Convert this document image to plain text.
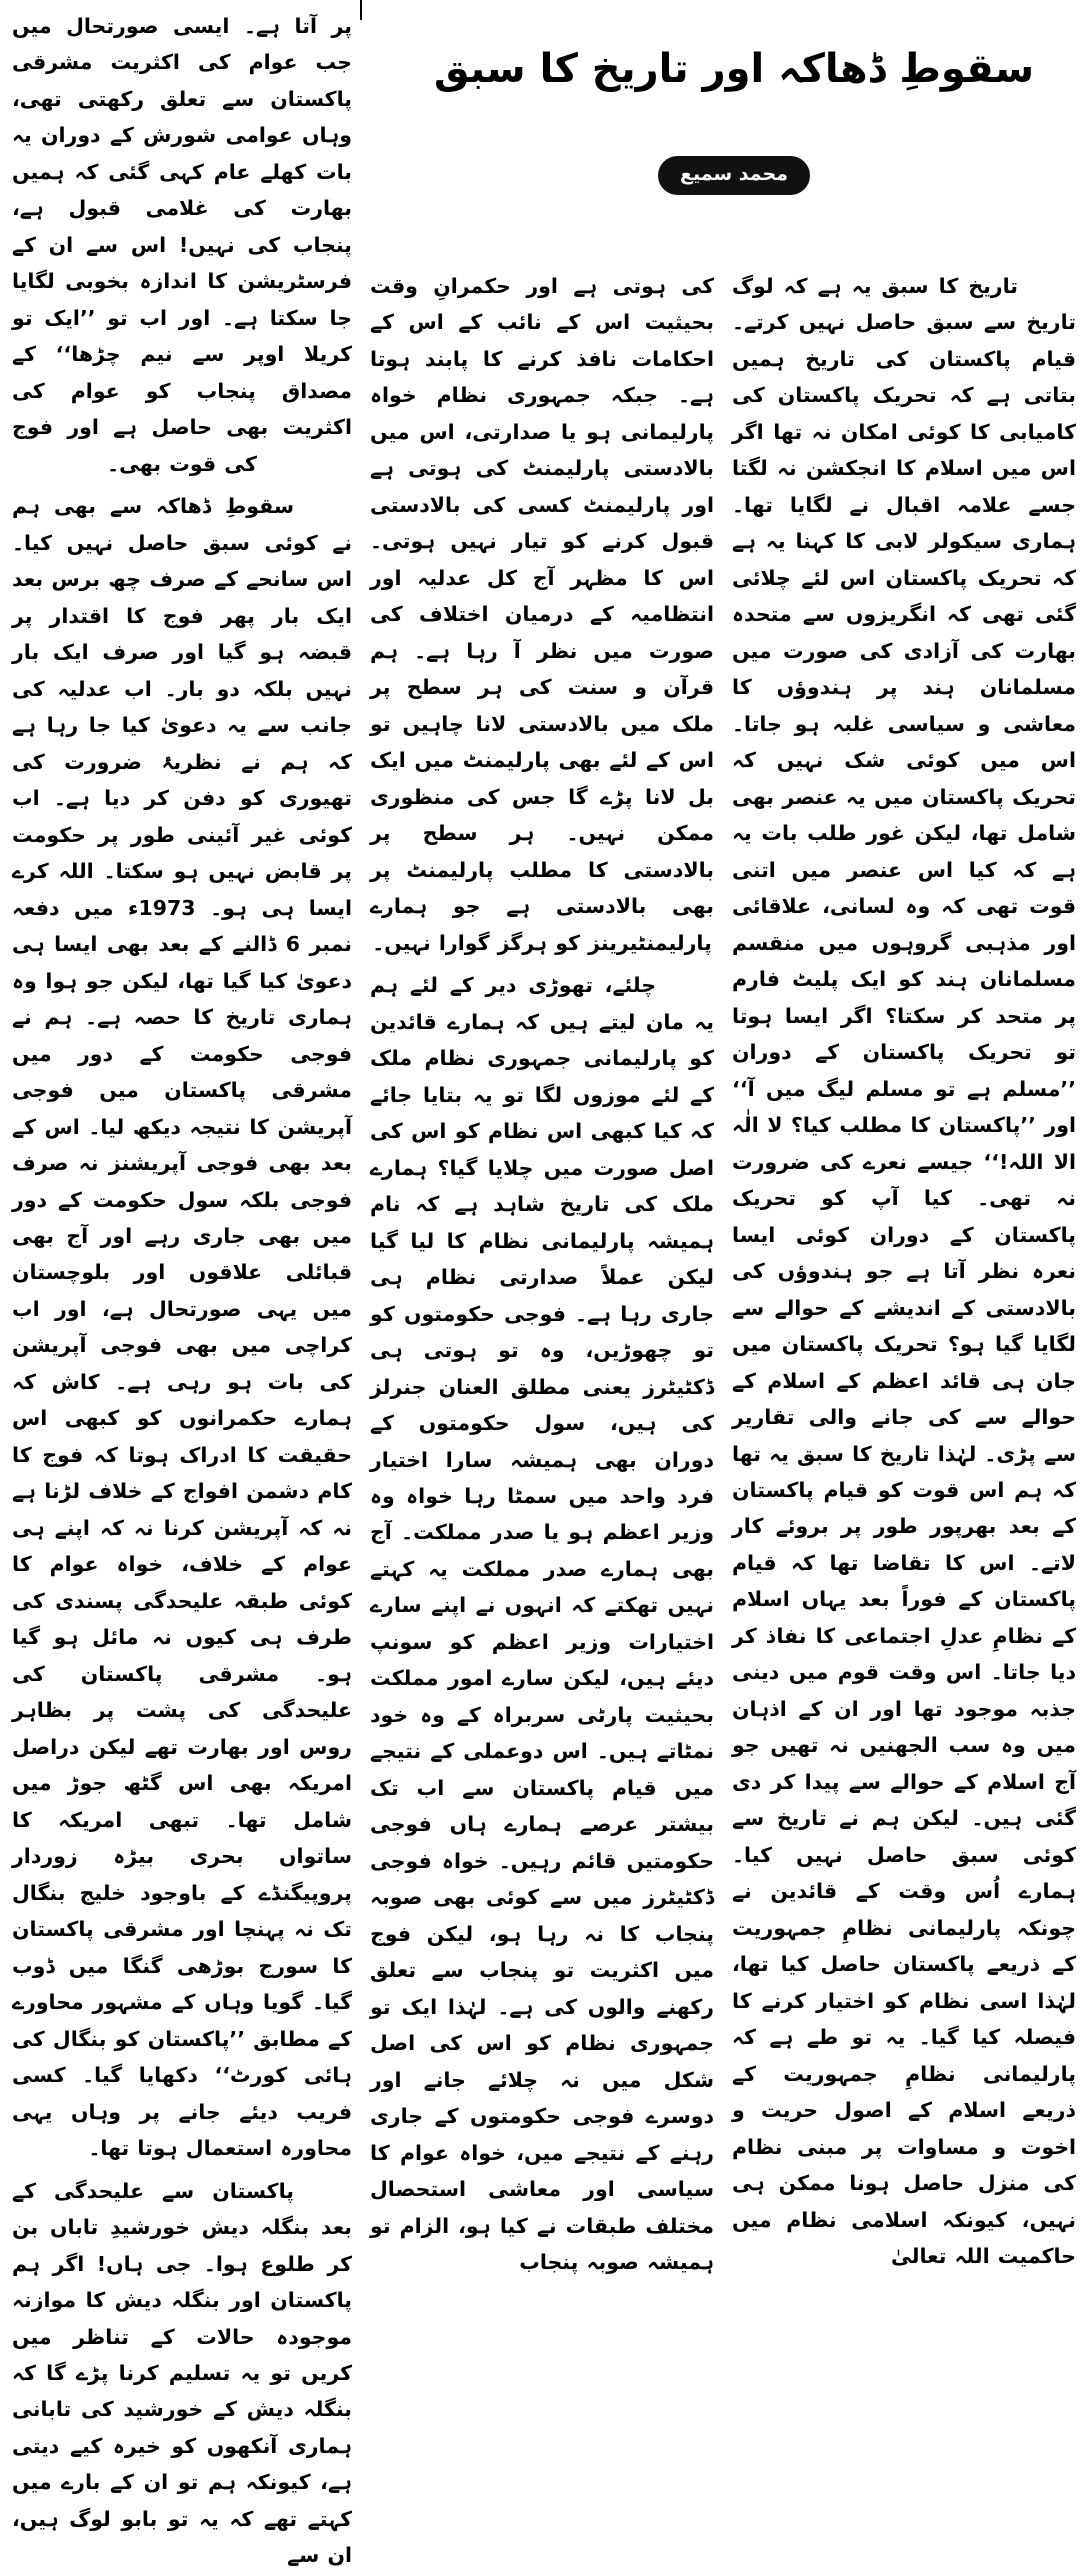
سقوطِ ڈھاکہ اور تاریخ کا سبق
محمد سمیع

تاریخ کا سبق یہ ہے کہ لوگ تاریخ سے سبق حاصل نہیں کرتے۔ قیام پاکستان کی تاریخ ہمیں بتاتی ہے کہ تحریک پاکستان کی کامیابی کا کوئی امکان نہ تھا اگر اس میں اسلام کا انجکشن نہ لگتا جسے علامہ اقبال نے لگایا تھا۔ ہماری سیکولر لابی کا کہنا یہ ہے کہ تحریک پاکستان اس لئے چلائی گئی تھی کہ انگریزوں سے متحدہ بھارت کی آزادی کی صورت میں مسلمانان ہند پر ہندوؤں کا معاشی و سیاسی غلبہ ہو جاتا۔ اس میں کوئی شک نہیں کہ تحریک پاکستان میں یہ عنصر بھی شامل تھا، لیکن غور طلب بات یہ ہے کہ کیا اس عنصر میں اتنی قوت تھی کہ وہ لسانی، علاقائی اور مذہبی گروہوں میں منقسم مسلمانان ہند کو ایک پلیٹ فارم پر متحد کر سکتا؟ اگر ایسا ہوتا تو تحریک پاکستان کے دوران ’’مسلم ہے تو مسلم لیگ میں آ‘‘ اور ’’پاکستان کا مطلب کیا؟ لا الٰہ الا اللہ!‘‘ جیسے نعرے کی ضرورت نہ تھی۔ کیا آپ کو تحریک پاکستان کے دوران کوئی ایسا نعرہ نظر آتا ہے جو ہندوؤں کی بالادستی کے اندیشے کے حوالے سے لگایا گیا ہو؟ تحریک پاکستان میں جان ہی قائد اعظم کے اسلام کے حوالے سے کی جانے والی تقاریر سے پڑی۔ لہٰذا تاریخ کا سبق یہ تھا کہ ہم اس قوت کو قیام پاکستان کے بعد بھرپور طور پر بروئے کار لاتے۔ اس کا تقاضا تھا کہ قیام پاکستان کے فوراً بعد یہاں اسلام کے نظامِ عدلِ اجتماعی کا نفاذ کر دیا جاتا۔ اس وقت قوم میں دینی جذبہ موجود تھا اور ان کے اذہان میں وہ سب الجھنیں نہ تھیں جو آج اسلام کے حوالے سے پیدا کر دی گئی ہیں۔ لیکن ہم نے تاریخ سے کوئی سبق حاصل نہیں کیا۔ ہمارے اُس وقت کے قائدین نے چونکہ پارلیمانی نظامِ جمہوریت کے ذریعے پاکستان حاصل کیا تھا، لہٰذا اسی نظام کو اختیار کرنے کا فیصلہ کیا گیا۔ یہ تو طے ہے کہ پارلیمانی نظامِ جمہوریت کے ذریعے اسلام کے اصول حریت و اخوت و مساوات پر مبنی نظام کی منزل حاصل ہونا ممکن ہی نہیں، کیونکہ اسلامی نظام میں حاکمیت اللہ تعالیٰ

کی ہوتی ہے اور حکمرانِ وقت بحیثیت اس کے نائب کے اس کے احکامات نافذ کرنے کا پابند ہوتا ہے۔ جبکہ جمہوری نظام خواہ پارلیمانی ہو یا صدارتی، اس میں بالادستی پارلیمنٹ کی ہوتی ہے اور پارلیمنٹ کسی کی بالادستی قبول کرنے کو تیار نہیں ہوتی۔ اس کا مظہر آج کل عدلیہ اور انتظامیہ کے درمیان اختلاف کی صورت میں نظر آ رہا ہے۔ ہم قرآن و سنت کی ہر سطح پر ملک میں بالادستی لانا چاہیں تو اس کے لئے بھی پارلیمنٹ میں ایک بل لانا پڑے گا جس کی منظوری ممکن نہیں۔ ہر سطح پر بالادستی کا مطلب پارلیمنٹ پر بھی بالادستی ہے جو ہمارے پارلیمنٹیرینز کو ہرگز گوارا نہیں۔

چلئے، تھوڑی دیر کے لئے ہم یہ مان لیتے ہیں کہ ہمارے قائدین کو پارلیمانی جمہوری نظام ملک کے لئے موزوں لگا تو یہ بتایا جائے کہ کیا کبھی اس نظام کو اس کی اصل صورت میں چلایا گیا؟ ہمارے ملک کی تاریخ شاہد ہے کہ نام ہمیشہ پارلیمانی نظام کا لیا گیا لیکن عملاً صدارتی نظام ہی جاری رہا ہے۔ فوجی حکومتوں کو تو چھوڑیں، وہ تو ہوتی ہی ڈکٹیٹرز یعنی مطلق العنان جنرلز کی ہیں، سول حکومتوں کے دوران بھی ہمیشہ سارا اختیار فرد واحد میں سمٹا رہا خواہ وہ وزیر اعظم ہو یا صدر مملکت۔ آج بھی ہمارے صدر مملکت یہ کہتے نہیں تھکتے کہ انہوں نے اپنے سارے اختیارات وزیر اعظم کو سونپ دیئے ہیں، لیکن سارے امور مملکت بحیثیت پارٹی سربراہ کے وہ خود نمٹاتے ہیں۔ اس دوعملی کے نتیجے میں قیام پاکستان سے اب تک بیشتر عرصے ہمارے ہاں فوجی حکومتیں قائم رہیں۔ خواہ فوجی ڈکٹیٹرز میں سے کوئی بھی صوبہ پنجاب کا نہ رہا ہو، لیکن فوج میں اکثریت تو پنجاب سے تعلق رکھنے والوں کی ہے۔ لہٰذا ایک تو جمہوری نظام کو اس کی اصل شکل میں نہ چلائے جانے اور دوسرے فوجی حکومتوں کے جاری رہنے کے نتیجے میں، خواہ عوام کا سیاسی اور معاشی استحصال مختلف طبقات نے کیا ہو، الزام تو ہمیشہ صوبہ پنجاب

پر آتا ہے۔ ایسی صورتحال میں جب عوام کی اکثریت مشرقی پاکستان سے تعلق رکھتی تھی، وہاں عوامی شورش کے دوران یہ بات کھلے عام کہی گئی کہ ہمیں بھارت کی غلامی قبول ہے، پنجاب کی نہیں! اس سے ان کے فرسٹریشن کا اندازہ بخوبی لگایا جا سکتا ہے۔ اور اب تو ’’ایک تو کریلا اوپر سے نیم چڑھا‘‘ کے مصداق پنجاب کو عوام کی اکثریت بھی حاصل ہے اور فوج کی قوت بھی۔

سقوطِ ڈھاکہ سے بھی ہم نے کوئی سبق حاصل نہیں کیا۔ اس سانحے کے صرف چھ برس بعد ایک بار پھر فوج کا اقتدار پر قبضہ ہو گیا اور صرف ایک بار نہیں بلکہ دو بار۔ اب عدلیہ کی جانب سے یہ دعویٰ کیا جا رہا ہے کہ ہم نے نظریۂ ضرورت کی تھیوری کو دفن کر دیا ہے۔ اب کوئی غیر آئینی طور پر حکومت پر قابض نہیں ہو سکتا۔ اللہ کرے ایسا ہی ہو۔ 1973ء میں دفعہ نمبر 6 ڈالنے کے بعد بھی ایسا ہی دعویٰ کیا گیا تھا، لیکن جو ہوا وہ ہماری تاریخ کا حصہ ہے۔ ہم نے فوجی حکومت کے دور میں مشرقی پاکستان میں فوجی آپریشن کا نتیجہ دیکھ لیا۔ اس کے بعد بھی فوجی آپریشنز نہ صرف فوجی بلکہ سول حکومت کے دور میں بھی جاری رہے اور آج بھی قبائلی علاقوں اور بلوچستان میں یہی صورتحال ہے، اور اب کراچی میں بھی فوجی آپریشن کی بات ہو رہی ہے۔ کاش کہ ہمارے حکمرانوں کو کبھی اس حقیقت کا ادراک ہوتا کہ فوج کا کام دشمن افواج کے خلاف لڑنا ہے نہ کہ آپریشن کرنا نہ کہ اپنے ہی عوام کے خلاف، خواہ عوام کا کوئی طبقہ علیحدگی پسندی کی طرف ہی کیوں نہ مائل ہو گیا ہو۔ مشرقی پاکستان کی علیحدگی کی پشت پر بظاہر روس اور بھارت تھے لیکن دراصل امریکہ بھی اس گٹھ جوڑ میں شامل تھا۔ تبھی امریکہ کا ساتواں بحری بیڑہ زوردار پروپیگنڈے کے باوجود خلیج بنگال تک نہ پہنچا اور مشرقی پاکستان کا سورج بوڑھی گنگا میں ڈوب گیا۔ گویا وہاں کے مشہور محاورے کے مطابق ’’پاکستان کو بنگال کی ہائی کورٹ‘‘ دکھایا گیا۔ کسی فریب دیئے جانے پر وہاں یہی محاورہ استعمال ہوتا تھا۔

پاکستان سے علیحدگی کے بعد بنگلہ دیش خورشیدِ تاباں بن کر طلوع ہوا۔ جی ہاں! اگر ہم پاکستان اور بنگلہ دیش کا موازنہ موجودہ حالات کے تناظر میں کریں تو یہ تسلیم کرنا پڑے گا کہ بنگلہ دیش کے خورشید کی تابانی ہماری آنکھوں کو خیرہ کیے دیتی ہے، کیونکہ ہم تو ان کے بارے میں کہتے تھے کہ یہ تو بابو لوگ ہیں، ان سے
